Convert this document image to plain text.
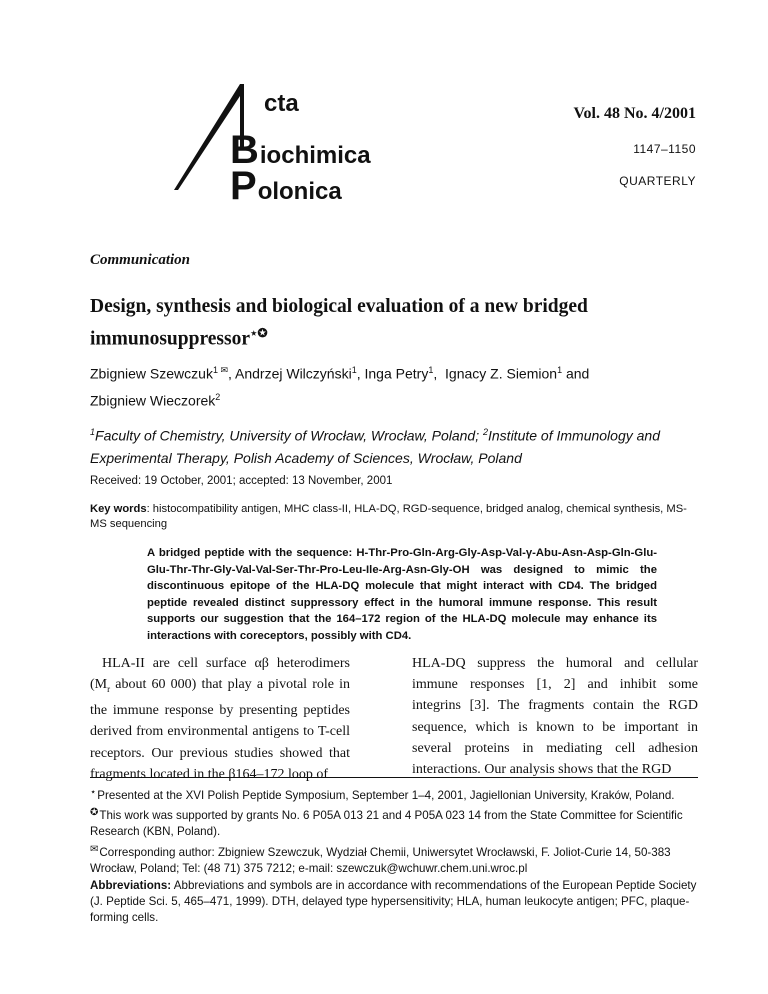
cta
Biochimica
Polonica
Vol. 48 No. 4/2001
1147–1150
QUARTERLY
Communication
Design, synthesis and biological evaluation of a new bridged immunosuppressor⋆✪
Zbigniew Szewczuk$^{1 ✉}$, Andrzej Wilczyński$^1$, Inga Petry$^1$,  Ignacy Z. Siemion$^1$ and
Zbigniew Wieczorek$^2$
$^1$Faculty of Chemistry, University of Wrocław, Wrocław, Poland; $^2$Institute of Immunology and Experimental Therapy, Polish Academy of Sciences, Wrocław, Poland
Received: 19 October, 2001; accepted: 13 November, 2001
Key words: histocompatibility antigen, MHC class-II, HLA-DQ, RGD-sequence, bridged analog, chemical synthesis, MS-MS sequencing
A bridged peptide with the sequence: H-Thr-Pro-Gln-Arg-Gly-Asp-Val-γ-Abu-Asn-Asp-Gln-Glu-Glu-Thr-Thr-Gly-Val-Val-Ser-Thr-Pro-Leu-Ile-Arg-Asn-Gly-OH was designed to mimic the discontinuous epitope of the HLA-DQ molecule that might interact with CD4. The bridged peptide revealed distinct suppressory effect in the humoral immune response. This result supports our suggestion that the 164–172 region of the HLA-DQ molecule may enhance its interactions with coreceptors, possibly with CD4.

HLA-II are cell surface αβ heterodimers ($M_r$ about 60 000) that play a pivotal role in the immune response by presenting peptides derived from environmental antigens to T-cell receptors. Our previous studies showed that fragments located in the β164–172 loop of

HLA-DQ suppress the humoral and cellular immune responses [1, 2] and inhibit some integrins [3]. The fragments contain the RGD sequence, which is known to be important in several proteins in mediating cell adhesion interactions. Our analysis shows that the RGD

⋆Presented at the XVI Polish Peptide Symposium, September 1–4, 2001, Jagiellonian University, Kraków, Poland.

✪This work was supported by grants No. 6 P05A 013 21 and 4 P05A 023 14 from the State Committee for Scientific Research (KBN, Poland).

✉Corresponding author: Zbigniew Szewczuk, Wydział Chemii, Uniwersytet Wrocławski, F. Joliot-Curie 14, 50-383 Wrocław, Poland; Tel: (48 71) 375 7212; e-mail: szewczuk@wchuwr.chem.uni.wroc.pl

Abbreviations: Abbreviations and symbols are in accordance with recommendations of the European Peptide Society (J. Peptide Sci. 5, 465–471, 1999). DTH, delayed type hypersensitivity; HLA, human leukocyte antigen; PFC, plaque-forming cells.
